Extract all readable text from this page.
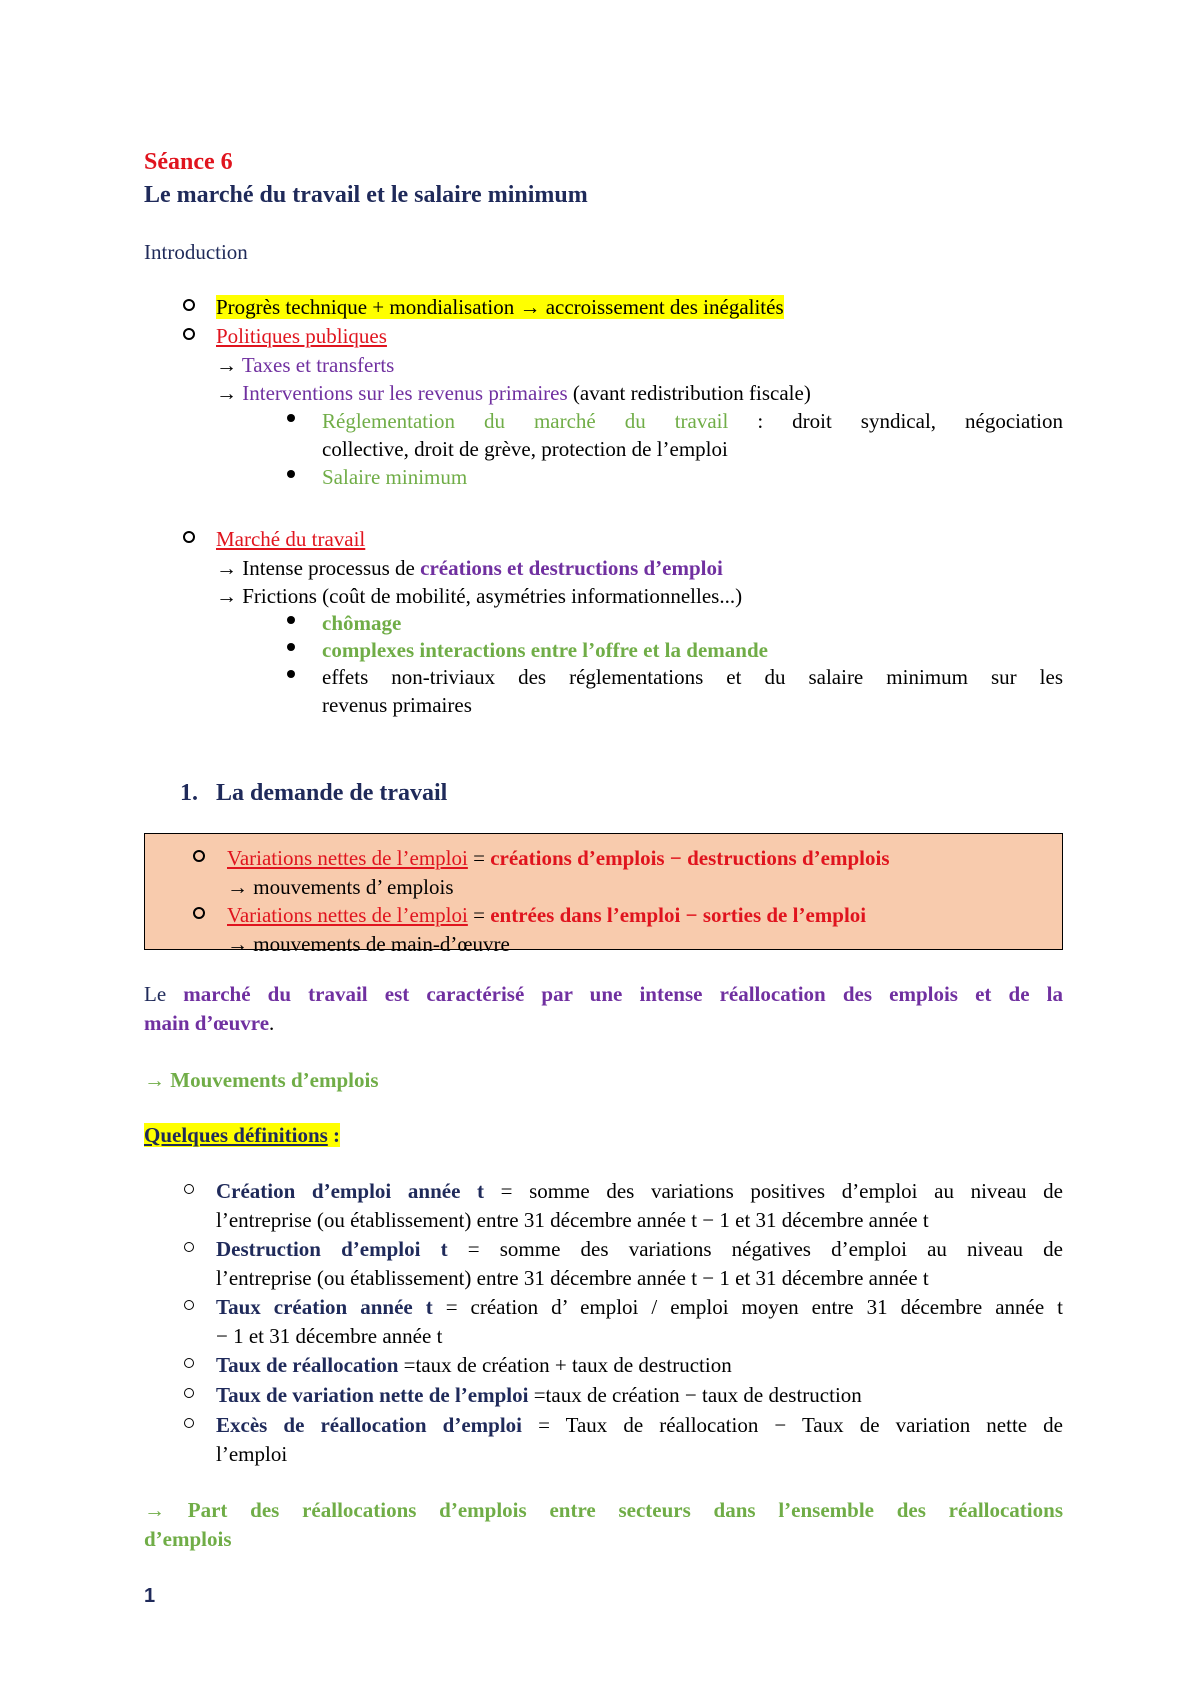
Séance 6
Le marché du travail et le salaire minimum
Introduction
Progrès technique + mondialisation → accroissement des inégalités
Politiques publiques
→ Taxes et transferts
→ Interventions sur les revenus primaires (avant redistribution fiscale)
Réglementation du marché du travail : droit syndical, négociation
collective, droit de grève, protection de l’emploi
Salaire minimum
Marché du travail
→ Intense processus de créations et destructions d’emploi
→ Frictions (coût de mobilité, asymétries informationnelles...)
chômage
complexes interactions entre l’offre et la demande
effets non-triviaux des réglementations et du salaire minimum sur les
revenus primaires
1. La demande de travail
Variations nettes de l’emploi = créations d’emplois − destructions d’emplois
→ mouvements d’ emplois
Variations nettes de l’emploi = entrées dans l’emploi − sorties de l’emploi
→ mouvements de main-d’œuvre
Le marché du travail est caractérisé par une intense réallocation des emplois et de la
main d’œuvre.
→ Mouvements d’emplois
Quelques définitions :
Création d’emploi année t = somme des variations positives d’emploi au niveau de
l’entreprise (ou établissement) entre 31 décembre année t − 1 et 31 décembre année t
Destruction d’emploi t = somme des variations négatives d’emploi au niveau de
l’entreprise (ou établissement) entre 31 décembre année t − 1 et 31 décembre année t
Taux création année t = création d’ emploi / emploi moyen entre 31 décembre année t
− 1 et 31 décembre année t
Taux de réallocation =taux de création + taux de destruction
Taux de variation nette de l’emploi =taux de création − taux de destruction
Excès de réallocation d’emploi = Taux de réallocation − Taux de variation nette de
l’emploi
→ Part des réallocations d’emplois entre secteurs dans l’ensemble des réallocations
d’emplois
1
